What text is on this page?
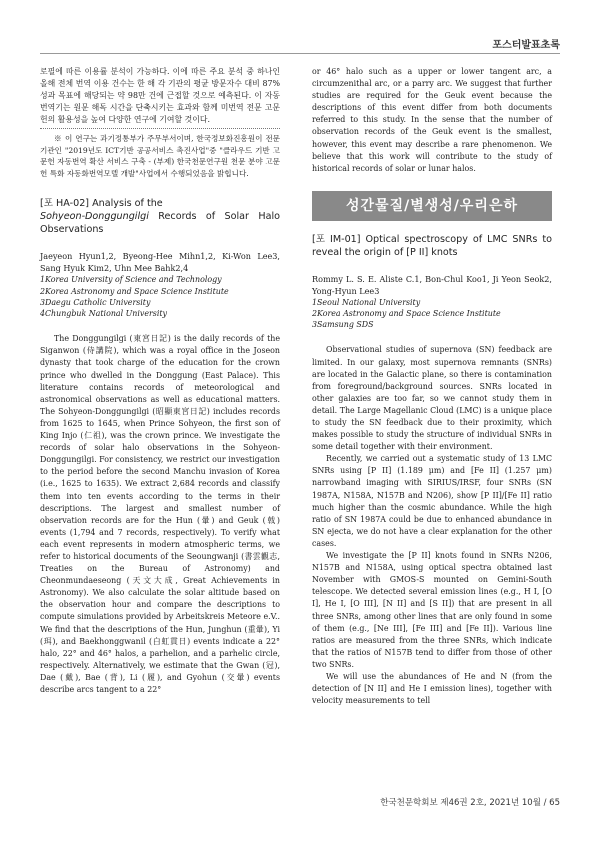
포스터발표초록

로필에 따른 이용률 분석이 가능하다. 이에 따른 주요 분석 중 하나인 올해 전체 번역 이용 건수는 한 해 각 기관의 평균 방문자수 대비 87% 성과 목표에 해당되는 약 98만 건에 근접할 것으로 예측된다. 이 자동 번역기는 원문 해독 시간을 단축시키는 효과와 함께 미번역 전문 고문헌의 활용성을 높여 다양한 연구에 기여할 것이다.

※ 이 연구는 과기정통부가 주무부서이며, 한국정보화진흥원이 전문기관인 "2019년도 ICT기반 공공서비스 촉진사업"중 "클라우드 기반 고문헌 자동번역 확산 서비스 구축 - (부제) 한국천문연구원 천문 분야 고문헌 특화 자동화번역모델 개발"사업에서 수행되었음을 밝힙니다.

[포 HA-02] Analysis of the
Sohyeon-Donggungilgi Records of Solar Halo Observations

Jaeyeon Hyun1,2, Byeong-Hee Mihn1,2, Ki-Won Lee3, Sang Hyuk Kim2, Uhn Mee Bahk2,4

1Korea University of Science and Technology
2Korea Astronomy and Space Science Institute
3Daegu Catholic University
4Chungbuk National University

The Donggungilgi (東宮日記) is the daily records of the Siganwon (侍講院), which was a royal office in the Joseon dynasty that took charge of the education for the crown prince who dwelled in the Donggung (East Palace). This literature contains records of meteorological and astronomical observations as well as educational matters. The Sohyeon-Donggungilgi (昭顯東宮日記) includes records from 1625 to 1645, when Prince Sohyeon, the first son of King Injo (仁祖), was the crown prince. We investigate the records of solar halo observations in the Sohyeon-Donggungilgi. For consistency, we restrict our investigation to the period before the second Manchu invasion of Korea (i.e., 1625 to 1635). We extract 2,684 records and classify them into ten events according to the terms in their descriptions. The largest and smallest number of observation records are for the Hun (暈) and Geuk (戟) events (1,794 and 7 records, respectively). To verify what each event represents in modern atmospheric terms, we refer to historical documents of the Seoungwanji (書雲觀志, Treaties on the Bureau of Astronomy) and Cheonmundaeseong (天文大成, Great Achievements in Astronomy). We also calculate the solar altitude based on the observation hour and compare the descriptions to compute simulations provided by Arbeitskreis Meteore e.V.. We find that the descriptions of the Hun, Junghun (重暈), Yi (珥), and Baekhonggwanil (白虹貫日) events indicate a 22° halo, 22° and 46° halos, a parhelion, and a parhelic circle, respectively. Alternatively, we estimate that the Gwan (冠), Dae (戴), Bae (背), Li (履), and Gyohun (交暈) events describe arcs tangent to a 22°

or 46° halo such as a upper or lower tangent arc, a circumzenithal arc, or a parry arc. We suggest that further studies are required for the Geuk event because the descriptions of this event differ from both documents referred to this study. In the sense that the number of observation records of the Geuk event is the smallest, however, this event may describe a rare phenomenon. We believe that this work will contribute to the study of historical records of solar or lunar halos.

성간물질/별생성/우리은하
[포 IM-01] Optical spectroscopy of LMC SNRs to reveal the origin of [P II] knots

Rommy L. S. E. Aliste C.1, Bon-Chul Koo1, Ji Yeon Seok2, Yong-Hyun Lee3

1Seoul National University
2Korea Astronomy and Space Science Institute
3Samsung SDS

Observational studies of supernova (SN) feedback are limited. In our galaxy, most supernova remnants (SNRs) are located in the Galactic plane, so there is contamination from foreground/background sources. SNRs located in other galaxies are too far, so we cannot study them in detail. The Large Magellanic Cloud (LMC) is a unique place to study the SN feedback due to their proximity, which makes possible to study the structure of individual SNRs in some detail together with their environment.

Recently, we carried out a systematic study of 13 LMC SNRs using [P II] (1.189 μm) and [Fe II] (1.257 μm) narrowband imaging with SIRIUS/IRSF, four SNRs (SN 1987A, N158A, N157B and N206), show [P II]/[Fe II] ratio much higher than the cosmic abundance. While the high ratio of SN 1987A could be due to enhanced abundance in SN ejecta, we do not have a clear explanation for the other cases.

We investigate the [P II] knots found in SNRs N206, N157B and N158A, using optical spectra obtained last November with GMOS-S mounted on Gemini-South telescope. We detected several emission lines (e.g., H I, [O I], He I, [O III], [N II] and [S II]) that are present in all three SNRs, among other lines that are only found in some of them (e.g., [Ne III], [Fe III] and [Fe II]). Various line ratios are measured from the three SNRs, which indicate that the ratios of N157B tend to differ from those of other two SNRs.

We will use the abundances of He and N (from the detection of [N II] and He I emission lines), together with velocity measurements to tell

한국천문학회보 제46권 2호, 2021년 10월 / 65
